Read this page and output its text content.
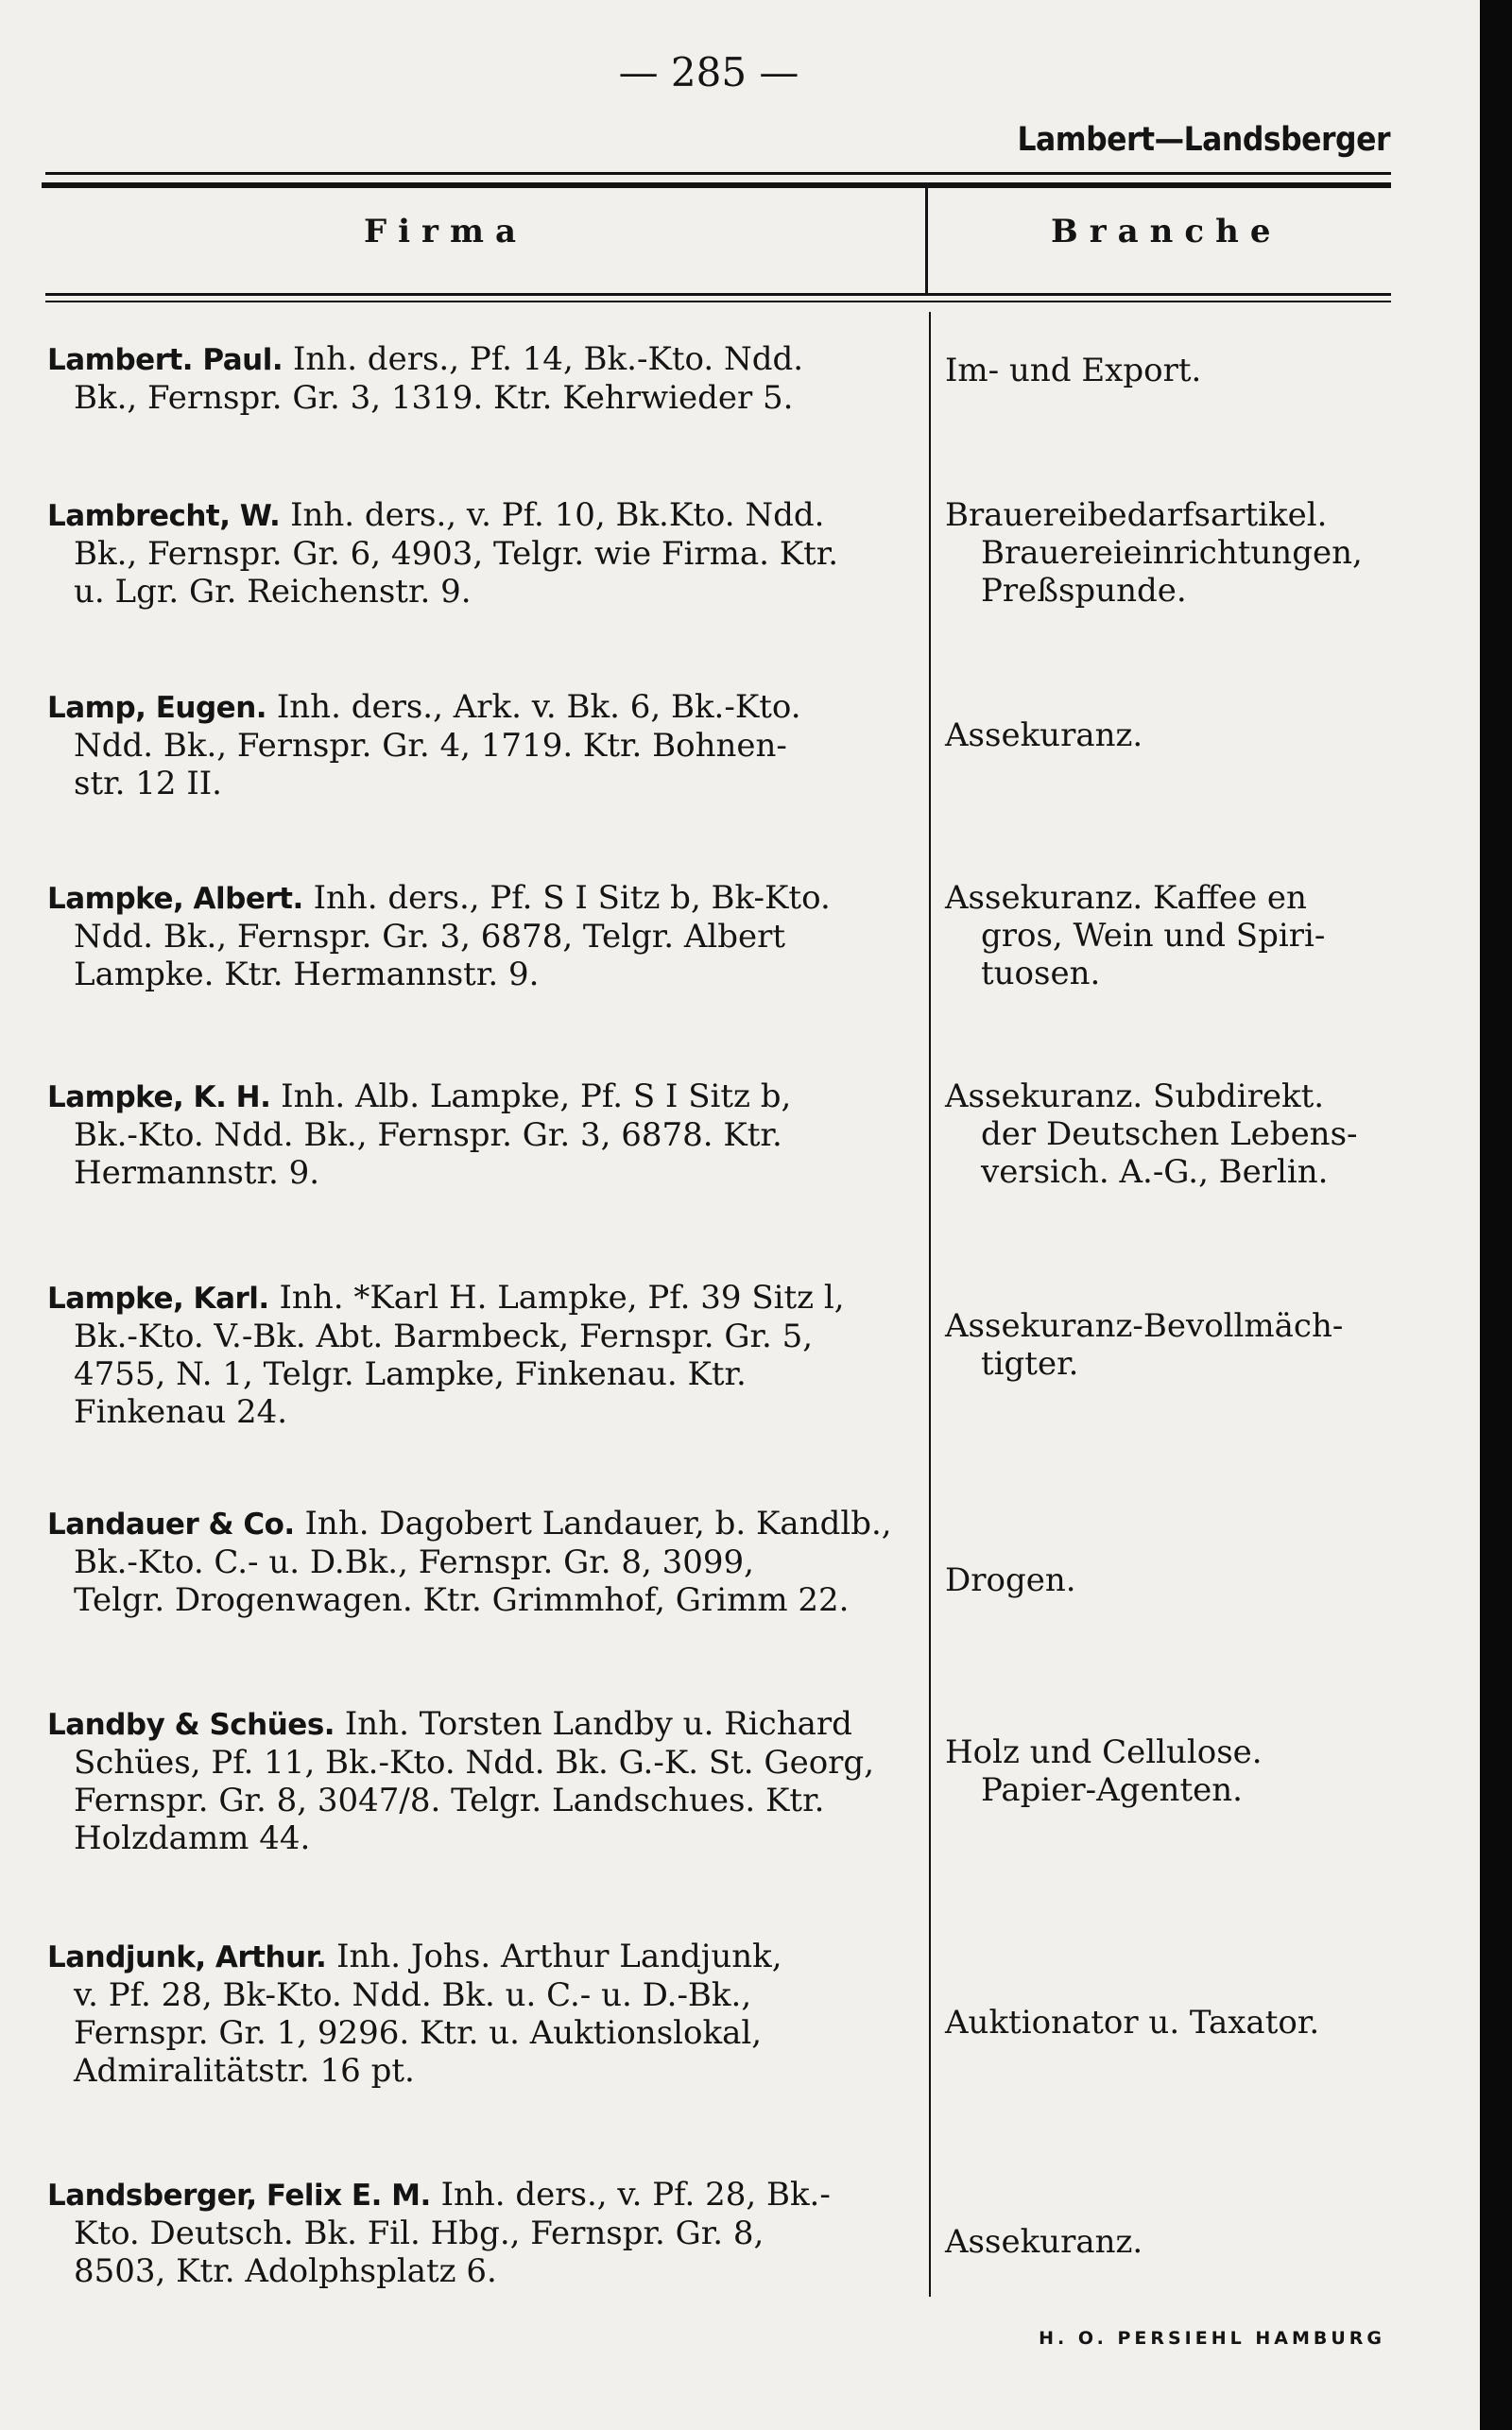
— 285 —
Lambert—Landsberger
Firma	Branche

Lambert. Paul. Inh. ders., Pf. 14, Bk.-Kto. Ndd.

Bk., Fernspr. Gr. 3, 1319. Ktr. Kehrwieder 5.

Im- und Export.

Lambrecht, W. Inh. ders., v. Pf. 10, Bk.Kto. Ndd.

Bk., Fernspr. Gr. 6, 4903, Telgr. wie Firma. Ktr.

u. Lgr. Gr. Reichenstr. 9.

Brauereibedarfsartikel.

Brauereieinrichtungen,

Preßspunde.

Lamp, Eugen. Inh. ders., Ark. v. Bk. 6, Bk.-Kto.

Ndd. Bk., Fernspr. Gr. 4, 1719. Ktr. Bohnen-

str. 12 II.

Assekuranz.

Lampke, Albert. Inh. ders., Pf. S I Sitz b, Bk-Kto.

Ndd. Bk., Fernspr. Gr. 3, 6878, Telgr. Albert

Lampke. Ktr. Hermannstr. 9.

Assekuranz. Kaffee en

gros, Wein und Spiri-

tuosen.

Lampke, K. H. Inh. Alb. Lampke, Pf. S I Sitz b,

Bk.-Kto. Ndd. Bk., Fernspr. Gr. 3, 6878. Ktr.

Hermannstr. 9.

Assekuranz. Subdirekt.

der Deutschen Lebens-

versich. A.-G., Berlin.

Lampke, Karl. Inh. *Karl H. Lampke, Pf. 39 Sitz l,

Bk.-Kto. V.-Bk. Abt. Barmbeck, Fernspr. Gr. 5,

4755, N. 1, Telgr. Lampke, Finkenau. Ktr.

Finkenau 24.

Assekuranz-Bevollmäch-

tigter.

Landauer & Co. Inh. Dagobert Landauer, b. Kandlb.,

Bk.-Kto. C.- u. D.Bk., Fernspr. Gr. 8, 3099,

Telgr. Drogenwagen. Ktr. Grimmhof, Grimm 22.

Drogen.

Landby & Schües. Inh. Torsten Landby u. Richard

Schües, Pf. 11, Bk.-Kto. Ndd. Bk. G.-K. St. Georg,

Fernspr. Gr. 8, 3047/8. Telgr. Landschues. Ktr.

Holzdamm 44.

Holz und Cellulose.

Papier-Agenten.

Landjunk, Arthur. Inh. Johs. Arthur Landjunk,

v. Pf. 28, Bk-Kto. Ndd. Bk. u. C.- u. D.-Bk.,

Fernspr. Gr. 1, 9296. Ktr. u. Auktionslokal,

Admiralitätstr. 16 pt.

Auktionator u. Taxator.

Landsberger, Felix E. M. Inh. ders., v. Pf. 28, Bk.-

Kto. Deutsch. Bk. Fil. Hbg., Fernspr. Gr. 8,

8503, Ktr. Adolphsplatz 6.

Assekuranz.

H. O. PERSIEHL HAMBURG
